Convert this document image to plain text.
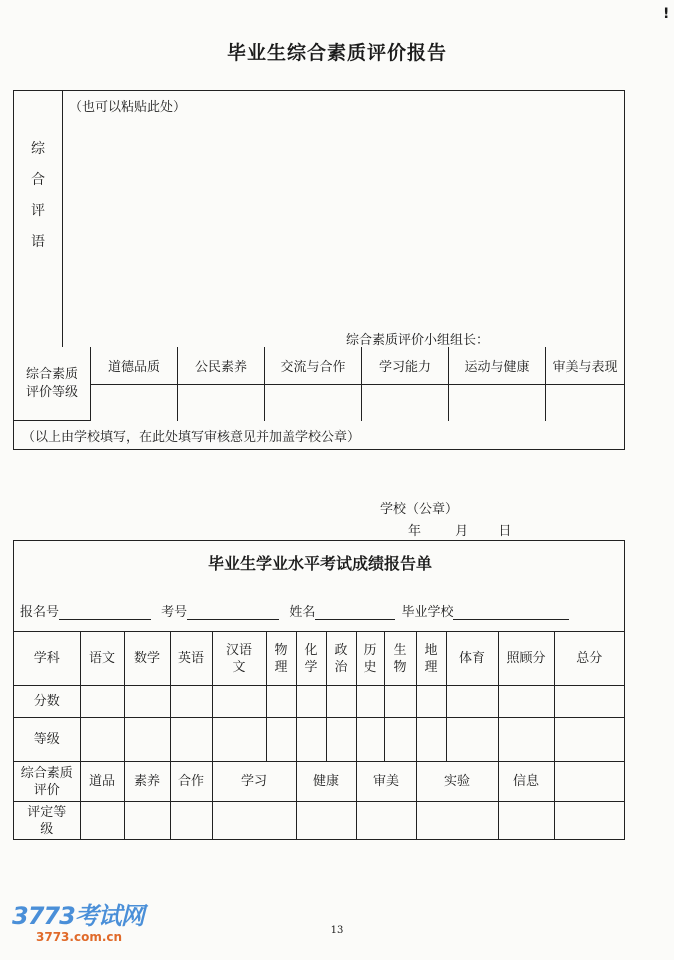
!
毕业生综合素质评价报告
综
合
评
语
（也可以粘贴此处）
综合素质评价小组组长：
综合素质评价等级	道德品质	公民素养	交流与合作	学习能力	运动与健康	审美与表现

（以上由学校填写，在此处填写审核意见并加盖学校公章）
学校（公章）
年	月 日
毕业生学业水平考试成绩报告单
报名号	考号	姓名	毕业学校
学科	语文	数学	英语	汉语文	物理	化学	政治	历史	生物	地理	体育	照顾分	总分
分数													
等级													
综合素质评价	道品	素养	合作	学习		健康		审美		实验		信息	
评定等级													
3773考试网
3773.com.cn	13
